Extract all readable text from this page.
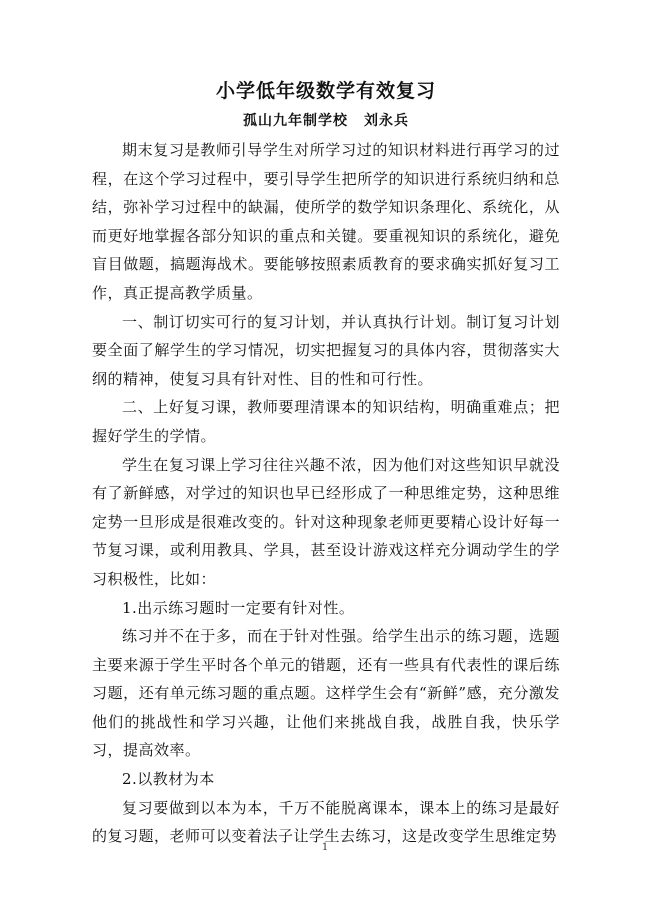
小学低年级数学有效复习
孤山九年制学校 刘永兵

期末复习是教师引导学生对所学习过的知识材料进行再学习的过程，在这个学习过程中，要引导学生把所学的知识进行系统归纳和总结，弥补学习过程中的缺漏，使所学的数学知识条理化、系统化，从而更好地掌握各部分知识的重点和关键。要重视知识的系统化，避免盲目做题，搞题海战术。要能够按照素质教育的要求确实抓好复习工作，真正提高教学质量。

一、制订切实可行的复习计划，并认真执行计划。制订复习计划要全面了解学生的学习情况，切实把握复习的具体内容，贯彻落实大纲的精神，使复习具有针对性、目的性和可行性。

二、上好复习课，教师要理清课本的知识结构，明确重难点；把握好学生的学情。

学生在复习课上学习往往兴趣不浓，因为他们对这些知识早就没有了新鲜感，对学过的知识也早已经形成了一种思维定势，这种思维定势一旦形成是很难改变的。针对这种现象老师更要精心设计好每一节复习课，或利用教具、学具，甚至设计游戏这样充分调动学生的学习积极性，比如：

1.出示练习题时一定要有针对性。

练习并不在于多，而在于针对性强。给学生出示的练习题，选题主要来源于学生平时各个单元的错题，还有一些具有代表性的课后练习题，还有单元练习题的重点题。这样学生会有“新鲜”感，充分激发他们的挑战性和学习兴趣，让他们来挑战自我，战胜自我，快乐学习，提高效率。

2.以教材为本

复习要做到以本为本，千万不能脱离课本，课本上的练习是最好的复习题，老师可以变着法子让学生去练习，这是改变学生思维定势

1
